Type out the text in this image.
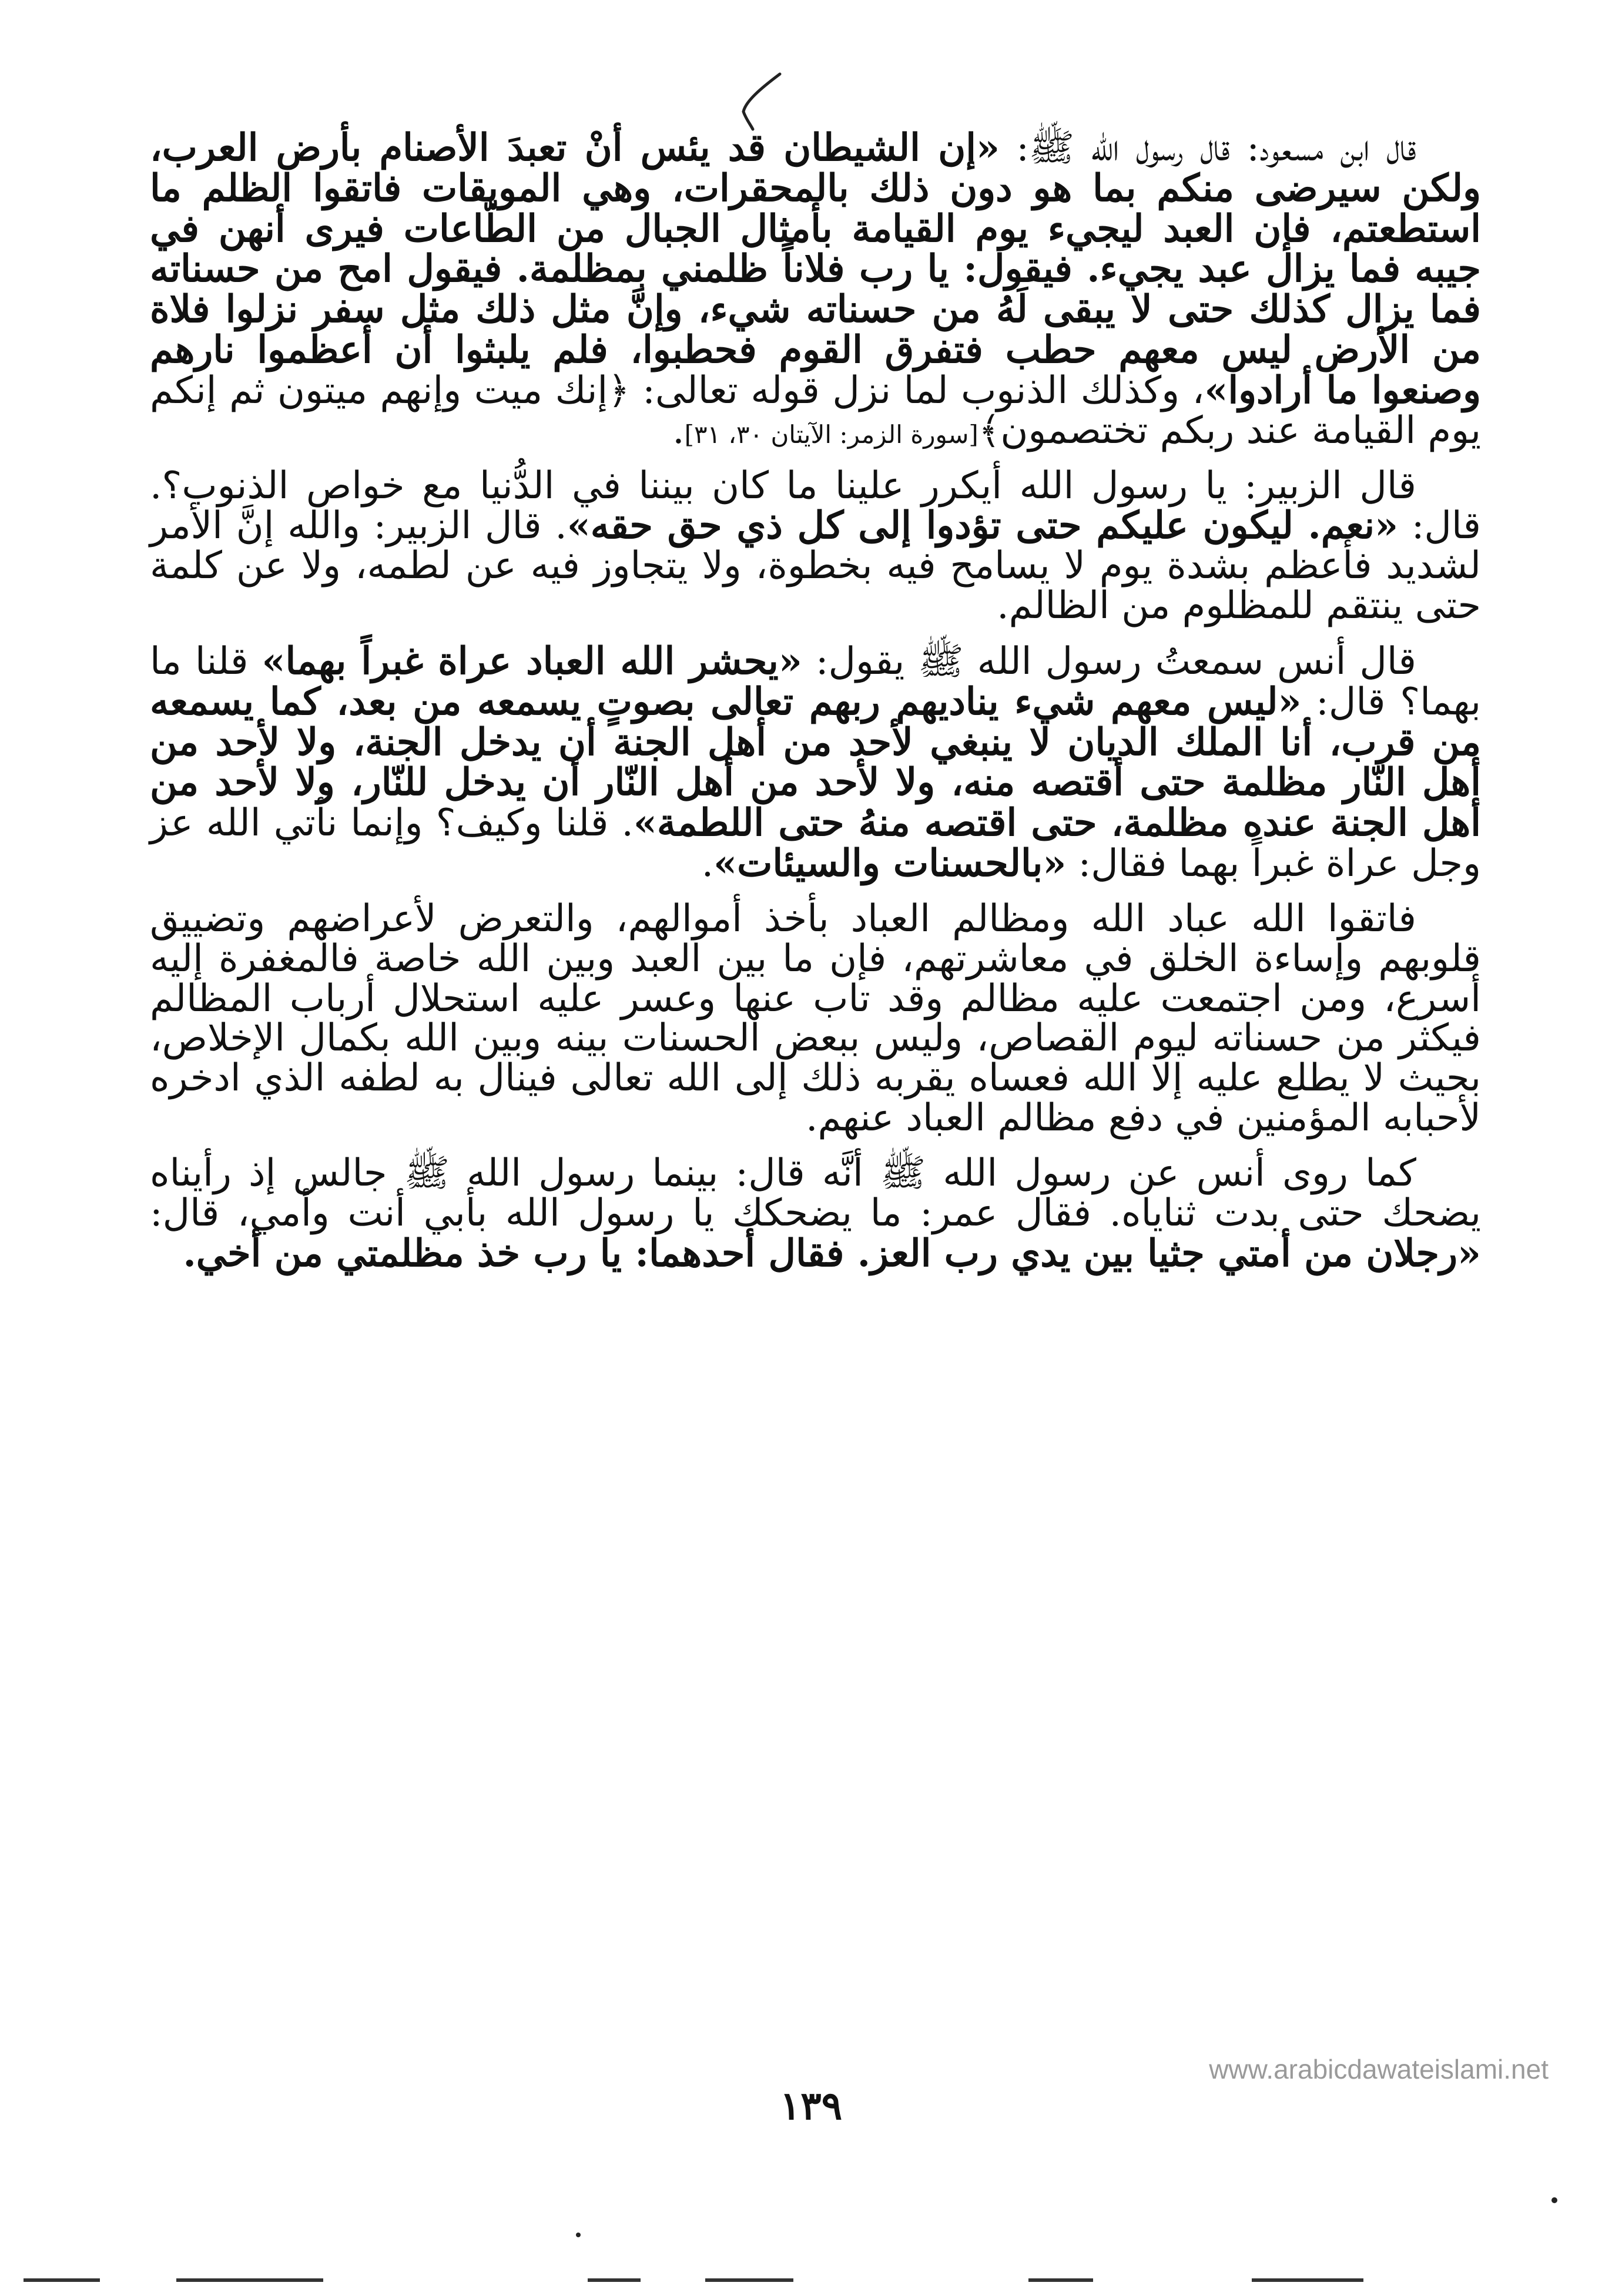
قال ابن مسعود: قال رسول الله ﷺ: «إن الشيطان قد يئس أنْ تعبدَ الأصنام بأرض العرب، ولكن سيرضى منكم بما هو دون ذلك بالمحقرات، وهي الموبقات فاتقوا الظلم ما استطعتم، فإن العبد ليجيء يوم القيامة بأمثال الجبال من الطّاعات فيرى أنهن في جيبه فما يزال عبد يجيء. فيقول: يا رب فلاناً ظلمني بمظلمة. فيقول امح من حسناته فما يزال كذلك حتى لا يبقى لَهُ من حسناته شيء، وإنَّ مثل ذلك مثل سفر نزلوا فلاة من الأرض ليس معهم حطب فتفرق القوم فحطبوا، فلم يلبثوا أن أعظموا نارهم وصنعوا ما أرادوا»، وكذلك الذنوب لما نزل قوله تعالى: ﴿إنك ميت وإنهم ميتون ثم إنكم يوم القيامة عند ربكم تختصمون﴾[سورة الزمر: الآيتان ٣٠، ٣١].

قال الزبير: يا رسول الله أيكرر علينا ما كان بيننا في الدُّنيا مع خواص الذنوب؟. قال: «نعم. ليكون عليكم حتى تؤدوا إلى كل ذي حق حقه». قال الزبير: والله إنَّ الأمر لشديد فأعظم بشدة يوم لا يسامح فيه بخطوة، ولا يتجاوز فيه عن لطمه، ولا عن كلمة حتى ينتقم للمظلوم من الظالم.

قال أنس سمعتُ رسول الله ﷺ يقول: «يحشر الله العباد عراة غبراً بهما» قلنا ما بهما؟ قال: «ليس معهم شيء يناديهم ربهم تعالى بصوتٍ يسمعه من بعد، كما يسمعه من قرب، أنا الملك الديان لا ينبغي لأحد من أهل الجنة أن يدخل الجنة، ولا لأحد من أهل النّار مظلمة حتى أقتصه منه، ولا لأحد من أهل النّار أن يدخل للنّار، ولا لأحد من أهل الجنة عنده مظلمة، حتى اقتصه منهُ حتى اللطمة». قلنا وكيف؟ وإنما نأتي الله عز وجل عراة غبراً بهما فقال: «بالحسنات والسيئات».

فاتقوا الله عباد الله ومظالم العباد بأخذ أموالهم، والتعرض لأعراضهم وتضييق قلوبهم وإساءة الخلق في معاشرتهم، فإن ما بين العبد وبين الله خاصة فالمغفرة إليه أسرع، ومن اجتمعت عليه مظالم وقد تاب عنها وعسر عليه استحلال أرباب المظالم فيكثر من حسناته ليوم القصاص، وليس ببعض الحسنات بينه وبين الله بكمال الإخلاص، بحيث لا يطلع عليه إلا الله فعساه يقربه ذلك إلى الله تعالى فينال به لطفه الذي ادخره لأحبابه المؤمنين في دفع مظالم العباد عنهم.

كما روى أنس عن رسول الله ﷺ أنَّه قال: بينما رسول الله ﷺ جالس إذ رأيناه يضحك حتى بدت ثناياه. فقال عمر: ما يضحكك يا رسول الله بأبي أنت وأمي، قال: «رجلان من أمتي جثيا بين يدي رب العز. فقال أحدهما: يا رب خذ مظلمتي من أخي.

١٣٩
www.arabicdawateislami.net
